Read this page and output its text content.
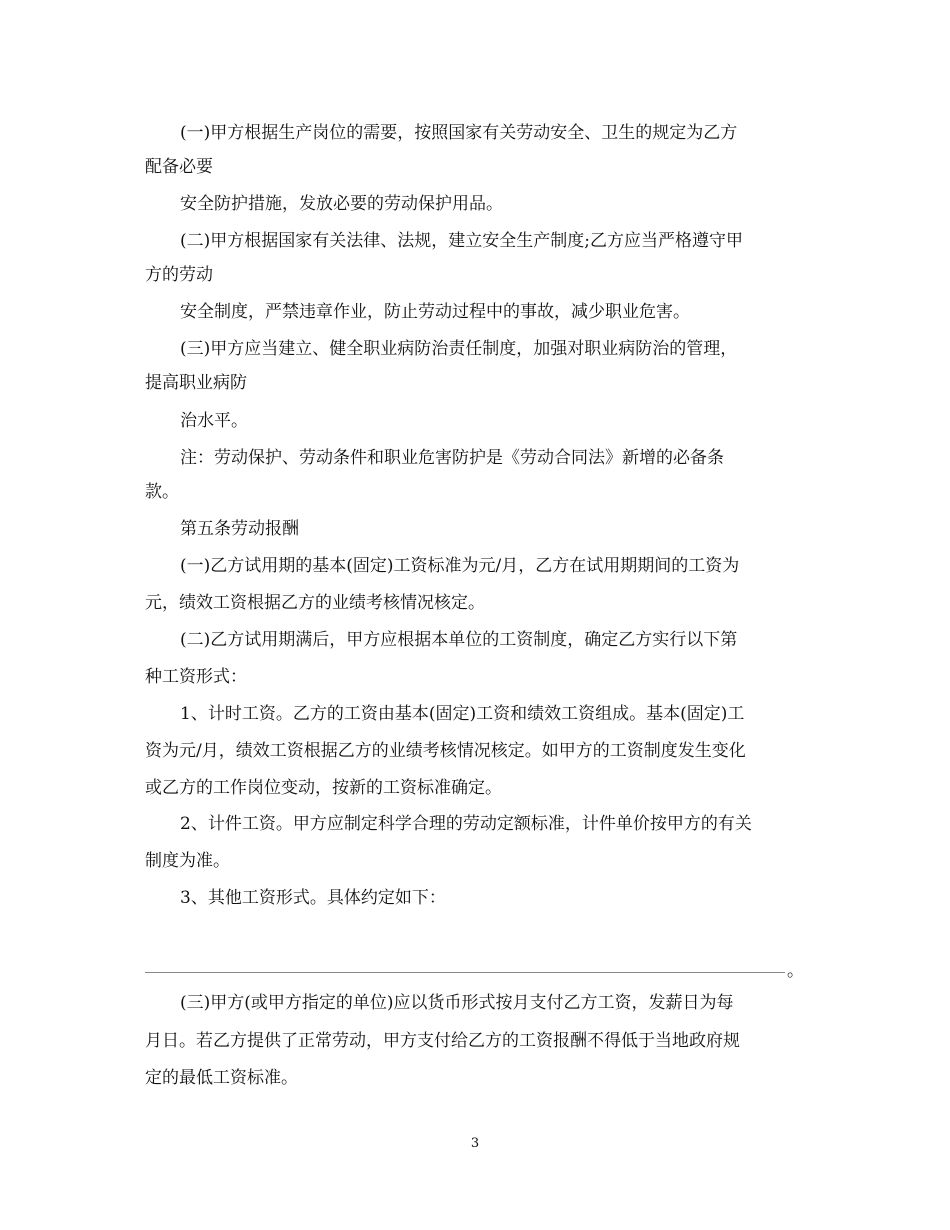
(一)甲方根据生产岗位的需要，按照国家有关劳动安全、卫生的规定为乙方
配备必要
安全防护措施，发放必要的劳动保护用品。
(二)甲方根据国家有关法律、法规，建立安全生产制度;乙方应当严格遵守甲
方的劳动
安全制度，严禁违章作业，防止劳动过程中的事故，减少职业危害。
(三)甲方应当建立、健全职业病防治责任制度，加强对职业病防治的管理，
提高职业病防
治水平。
注：劳动保护、劳动条件和职业危害防护是《劳动合同法》新增的必备条
款。
第五条劳动报酬
(一)乙方试用期的基本(固定)工资标准为元/月，乙方在试用期期间的工资为
元，绩效工资根据乙方的业绩考核情况核定。
(二)乙方试用期满后，甲方应根据本单位的工资制度，确定乙方实行以下第
种工资形式：
1、计时工资。乙方的工资由基本(固定)工资和绩效工资组成。基本(固定)工
资为元/月，绩效工资根据乙方的业绩考核情况核定。如甲方的工资制度发生变化
或乙方的工作岗位变动，按新的工资标准确定。
2、计件工资。甲方应制定科学合理的劳动定额标准，计件单价按甲方的有关
制度为准。
3、其他工资形式。具体约定如下：
。
(三)甲方(或甲方指定的单位)应以货币形式按月支付乙方工资，发薪日为每
月日。若乙方提供了正常劳动，甲方支付给乙方的工资报酬不得低于当地政府规
定的最低工资标准。
3
